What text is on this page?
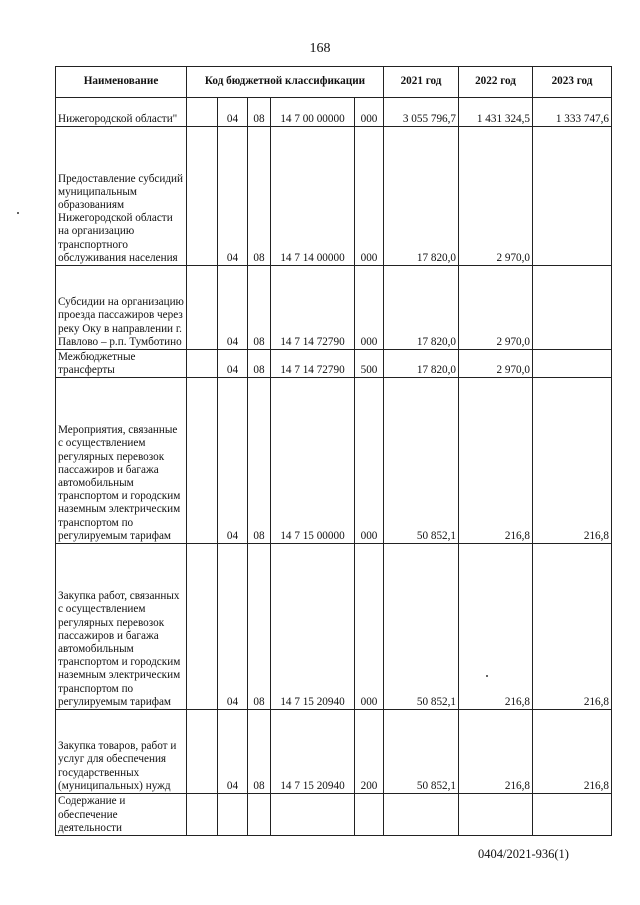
168
Наименование	Код бюджетной классификации					2021 год	2022 год	2023 год
Нижегородской области"		04	08	14 7 00 00000	000	3 055 796,7	1 431 324,5	1 333 747,6
Предоставление субсидий муниципальным образованиям Нижегородской области на организацию транспортного обслуживания населения		04	08	14 7 14 00000	000	17 820,0	2 970,0	
Субсидии на организацию проезда пассажиров через реку Оку в направлении г. Павлово – р.п. Тумботино		04	08	14 7 14 72790	000	17 820,0	2 970,0	
Межбюджетные трансферты		04	08	14 7 14 72790	500	17 820,0	2 970,0	
Мероприятия, связанные с осуществлением регулярных перевозок пассажиров и багажа автомобильным транспортом и городским наземным электрическим транспортом по регулируемым тарифам		04	08	14 7 15 00000	000	50 852,1	216,8	216,8
Закупка работ, связанных с осуществлением регулярных перевозок пассажиров и багажа автомобильным транспортом и городским наземным электрическим транспортом по регулируемым тарифам		04	08	14 7 15 20940	000	50 852,1	216,8	216,8
Закупка товаров, работ и услуг для обеспечения государственных (муниципальных) нужд		04	08	14 7 15 20940	200	50 852,1	216,8	216,8
Содержание и обеспечение деятельности								
0404/2021-936(1)
